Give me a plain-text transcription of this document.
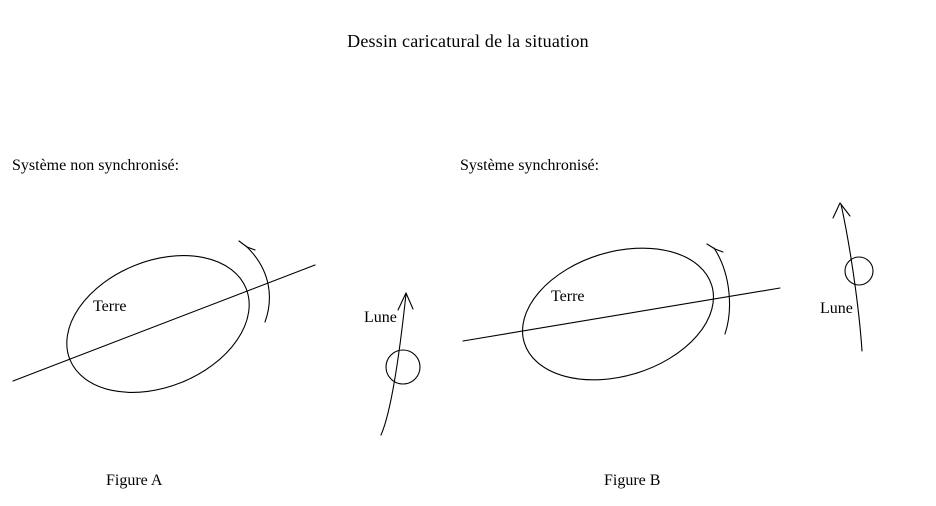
Dessin caricatural de la situation
Système non synchronisé:	Système synchronisé:
Terre
Lune
Terre
Lune
Figure A	Figure B
